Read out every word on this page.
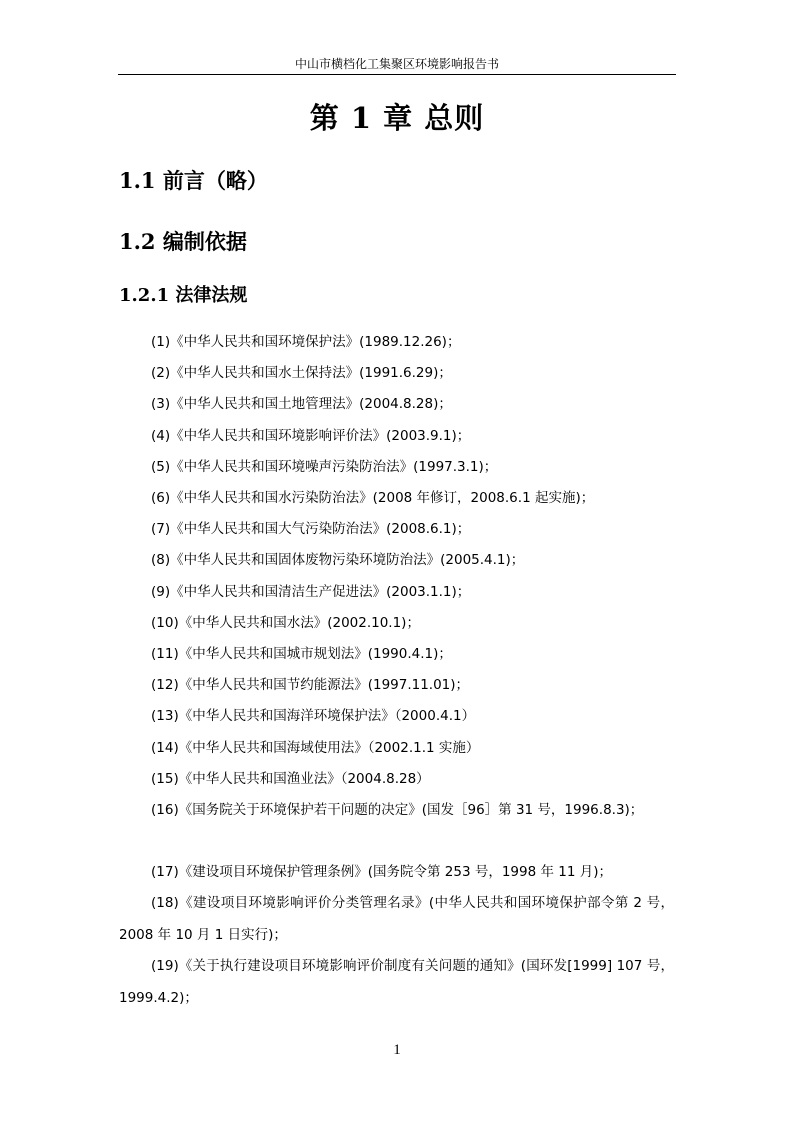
中山市横档化工集聚区环境影响报告书
第 1 章 总则
1.1 前言（略）
1.2 编制依据
1.2.1 法律法规
(1)《中华人民共和国环境保护法》(1989.12.26)；
(2)《中华人民共和国水土保持法》(1991.6.29)；
(3)《中华人民共和国土地管理法》(2004.8.28)；
(4)《中华人民共和国环境影响评价法》(2003.9.1)；
(5)《中华人民共和国环境噪声污染防治法》(1997.3.1)；
(6)《中华人民共和国水污染防治法》(2008 年修订，2008.6.1 起实施)；
(7)《中华人民共和国大气污染防治法》(2008.6.1)；
(8)《中华人民共和国固体废物污染环境防治法》(2005.4.1)；
(9)《中华人民共和国清洁生产促进法》(2003.1.1)；
(10)《中华人民共和国水法》(2002.10.1)；
(11)《中华人民共和国城市规划法》(1990.4.1)；
(12)《中华人民共和国节约能源法》(1997.11.01)；
(13)《中华人民共和国海洋环境保护法》（2000.4.1）
(14)《中华人民共和国海域使用法》（2002.1.1 实施）
(15)《中华人民共和国渔业法》（2004.8.28）
(16)《国务院关于环境保护若干问题的决定》(国发［96］第 31 号，1996.8.3)；
(17)《建设项目环境保护管理条例》(国务院令第 253 号，1998 年 11 月)；
(18)《建设项目环境影响评价分类管理名录》(中华人民共和国环境保护部令第 2 号，2008 年 10 月 1 日实行)；
(19)《关于执行建设项目环境影响评价制度有关问题的通知》(国环发[1999] 107 号，1999.4.2)；
1
